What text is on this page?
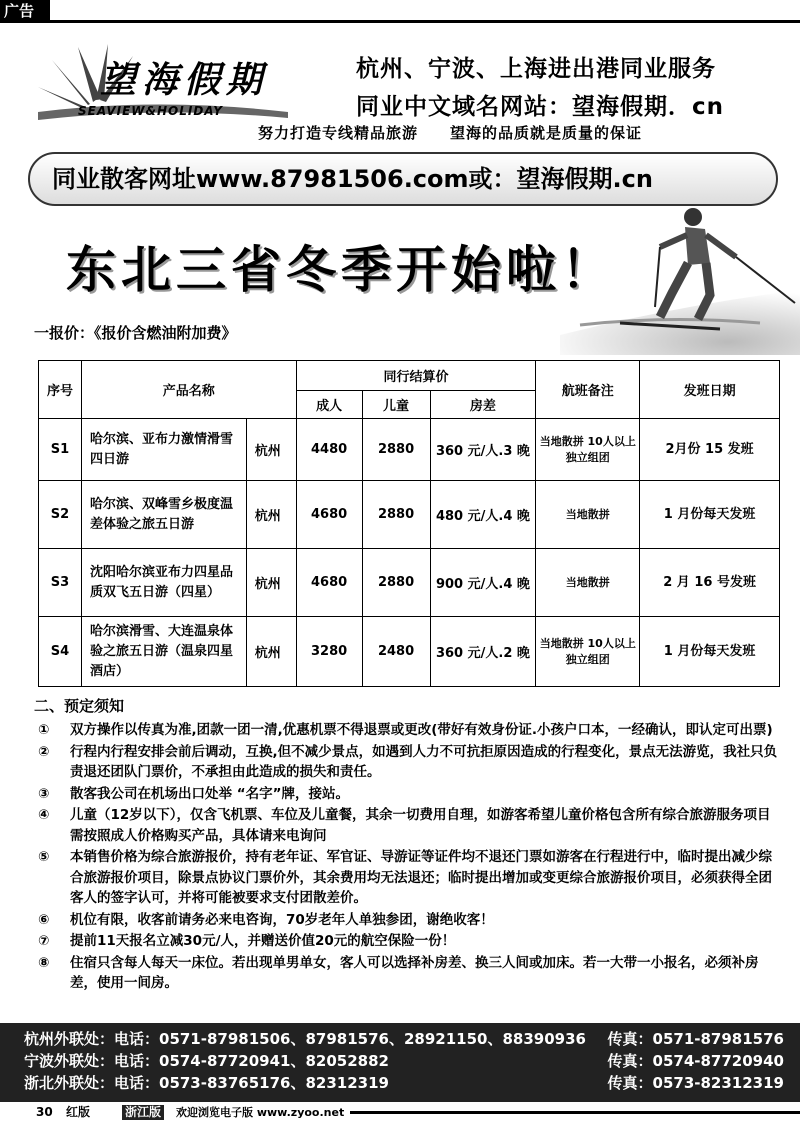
广告
望海假期
SEAVIEW&HOLIDAY
杭州、宁波、上海进出港同业服务
同业中文域名网站：望海假期．cn
努力打造专线精品旅游　　望海的品质就是质量的保证
同业散客网址www.87981506.com或：望海假期.cn
东北三省冬季开始啦！
一报价：《报价含燃油附加费》
序号	产品名称		同行结算价			航班备注	发班日期
			成人	儿童	房差		
S1	哈尔滨、亚布力激情滑雪四日游	杭州	4480	2880	360 元/人.3 晚	当地散拼 10人以上独立组团	2月份 15 发班
S2	哈尔滨、双峰雪乡极度温差体验之旅五日游	杭州	4680	2880	480 元/人.4 晚	当地散拼	1 月份每天发班
S3	沈阳哈尔滨亚布力四星品质双飞五日游（四星）	杭州	4680	2880	900 元/人.4 晚	当地散拼	2 月 16 号发班
S4	哈尔滨滑雪、大连温泉体验之旅五日游（温泉四星酒店）	杭州	3280	2480	360 元/人.2 晚	当地散拼 10人以上独立组团	1 月份每天发班
二、预定须知
①	双方操作以传真为准,团款一团一清,优惠机票不得退票或更改(带好有效身份证.小孩户口本，一经确认，即认定可出票)
②	行程内行程安排会前后调动，互换,但不减少景点，如遇到人力不可抗拒原因造成的行程变化，景点无法游览，我社只负责退还团队门票价，不承担由此造成的损失和责任。
③	散客我公司在机场出口处举 “名字”牌，接站。
④	儿童（12岁以下），仅含飞机票、车位及儿童餐，其余一切费用自理，如游客希望儿童价格包含所有综合旅游服务项目需按照成人价格购买产品，具体请来电询问
⑤	本销售价格为综合旅游报价，持有老年证、军官证、导游证等证件均不退还门票如游客在行程进行中，临时提出减少综合旅游报价项目，除景点协议门票价外，其余费用均无法退还；临时提出增加或变更综合旅游报价项目，必须获得全团客人的签字认可，并将可能被要求支付团散差价。
⑥	机位有限，收客前请务必来电咨询，70岁老年人单独参团，谢绝收客！
⑦	提前11天报名立减30元/人，并赠送价值20元的航空保险一份！
⑧	住宿只含每人每天一床位。若出现单男单女，客人可以选择补房差、换三人间或加床。若一大带一小报名，必须补房差，使用一间房。
杭州外联处：电话：0571-87981506、87981576、28921150、88390936 传真：0571-87981576
宁波外联处：电话：0574-87720941、82052882	传真：0574-87720940
浙北外联处：电话：0573-83765176、82312319	传真：0573-82312319
30 红版	浙江版 欢迎浏览电子版 www.zyoo.net
